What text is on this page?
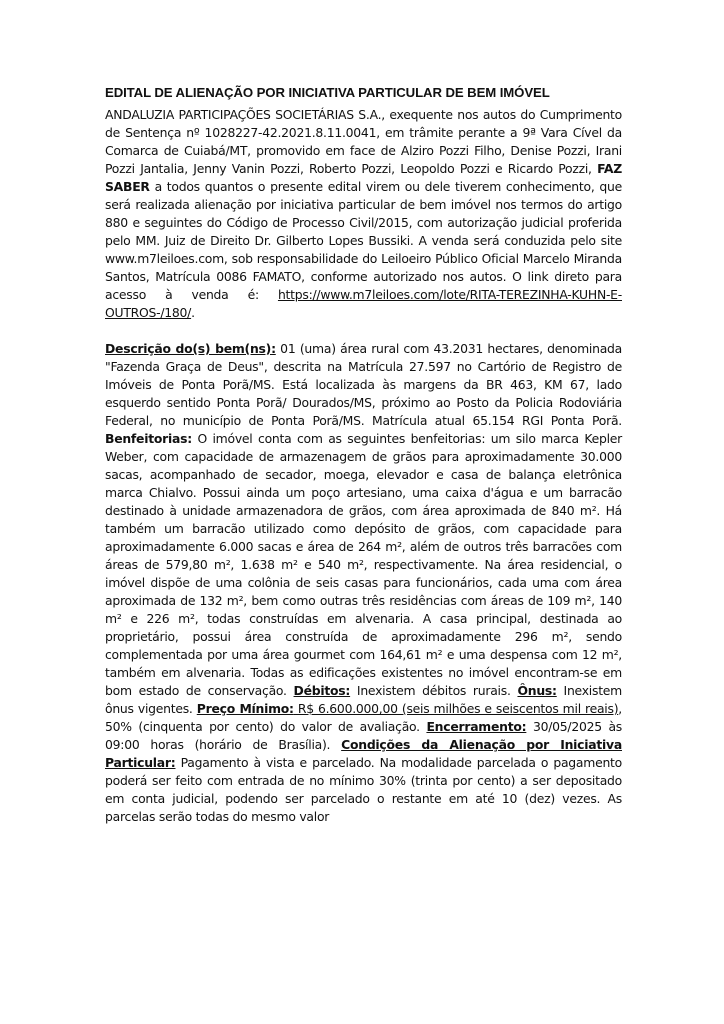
EDITAL DE ALIENAÇÃO POR INICIATIVA PARTICULAR DE BEM IMÓVEL

ANDALUZIA PARTICIPAÇÕES SOCIETÁRIAS S.A., exequente nos autos do Cumprimento de Sentença nº 1028227-42.2021.8.11.0041, em trâmite perante a 9ª Vara Cível da Comarca de Cuiabá/MT, promovido em face de Alziro Pozzi Filho, Denise Pozzi, Irani Pozzi Jantalia, Jenny Vanin Pozzi, Roberto Pozzi, Leopoldo Pozzi e Ricardo Pozzi, FAZ SABER a todos quantos o presente edital virem ou dele tiverem conhecimento, que será realizada alienação por iniciativa particular de bem imóvel nos termos do artigo 880 e seguintes do Código de Processo Civil/2015, com autorização judicial proferida pelo MM. Juiz de Direito Dr. Gilberto Lopes Bussiki. A venda será conduzida pelo site www.m7leiloes.com, sob responsabilidade do Leiloeiro Público Oficial Marcelo Miranda Santos, Matrícula 0086 FAMATO, conforme autorizado nos autos. O link direto para acesso à venda é: https://www.m7leiloes.com/lote/RITA-TEREZINHA-KUHN-E-OUTROS-/180/.

Descrição do(s) bem(ns): 01 (uma) área rural com 43.2031 hectares, denominada "Fazenda Graça de Deus", descrita na Matrícula 27.597 no Cartório de Registro de Imóveis de Ponta Porã/MS. Está localizada às margens da BR 463, KM 67, lado esquerdo sentido Ponta Porã/ Dourados/MS, próximo ao Posto da Policia Rodoviária Federal, no município de Ponta Porã/MS. Matrícula atual 65.154 RGI Ponta Porã. Benfeitorias: O imóvel conta com as seguintes benfeitorias: um silo marca Kepler Weber, com capacidade de armazenagem de grãos para aproximadamente 30.000 sacas, acompanhado de secador, moega, elevador e casa de balança eletrônica marca Chialvo. Possui ainda um poço artesiano, uma caixa d'água e um barracão destinado à unidade armazenadora de grãos, com área aproximada de 840 m². Há também um barracão utilizado como depósito de grãos, com capacidade para aproximadamente 6.000 sacas e área de 264 m², além de outros três barracões com áreas de 579,80 m², 1.638 m² e 540 m², respectivamente. Na área residencial, o imóvel dispõe de uma colônia de seis casas para funcionários, cada uma com área aproximada de 132 m², bem como outras três residências com áreas de 109 m², 140 m² e 226 m², todas construídas em alvenaria. A casa principal, destinada ao proprietário, possui área construída de aproximadamente 296 m², sendo complementada por uma área gourmet com 164,61 m² e uma despensa com 12 m², também em alvenaria. Todas as edificações existentes no imóvel encontram-se em bom estado de conservação. Débitos: Inexistem débitos rurais. Ônus: Inexistem ônus vigentes. Preço Mínimo: R$ 6.600.000,00 (seis milhões e seiscentos mil reais), 50% (cinquenta por cento) do valor de avaliação. Encerramento: 30/05/2025 às 09:00 horas (horário de Brasília). Condições da Alienação por Iniciativa Particular: Pagamento à vista e parcelado. Na modalidade parcelada o pagamento poderá ser feito com entrada de no mínimo 30% (trinta por cento) a ser depositado em conta judicial, podendo ser parcelado o restante em até 10 (dez) vezes. As parcelas serão todas do mesmo valor
